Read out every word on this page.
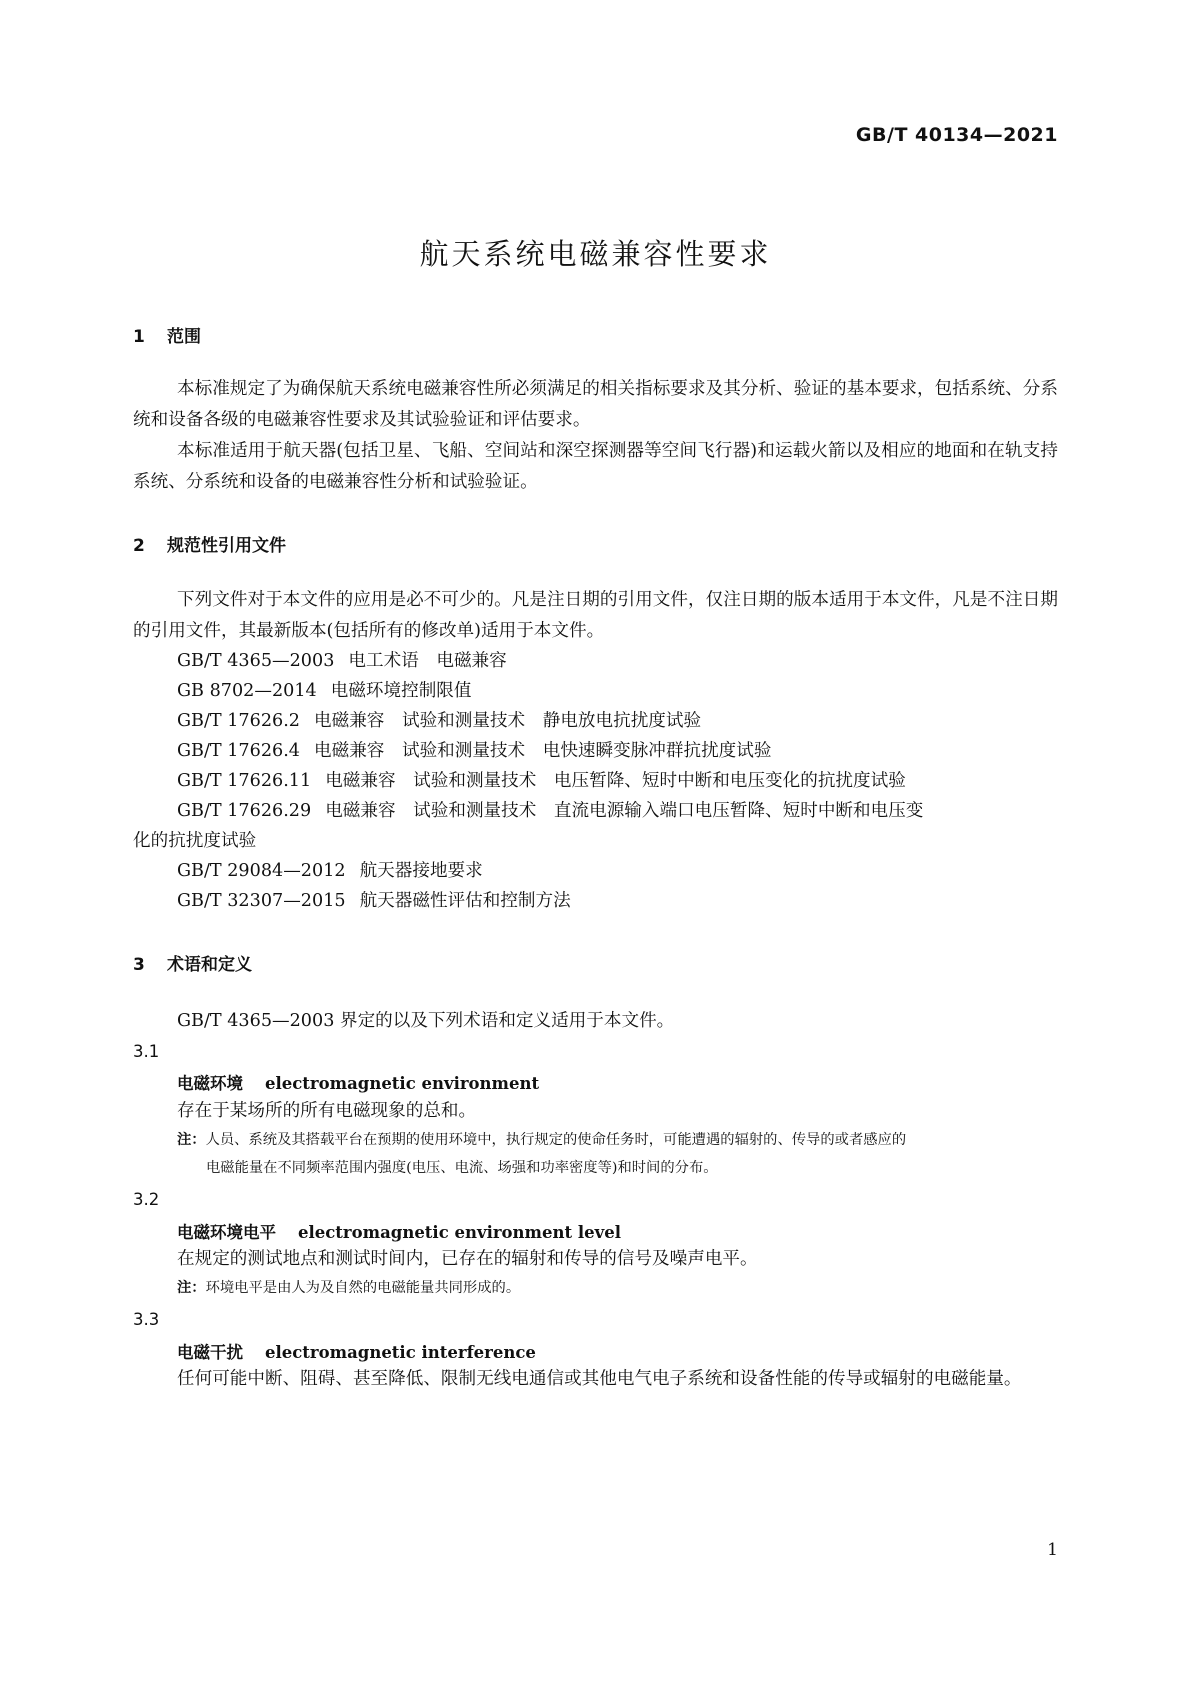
GB/T 40134—2021
航天系统电磁兼容性要求
1 范围

本标准规定了为确保航天系统电磁兼容性所必须满足的相关指标要求及其分析、验证的基本要求，包括系统、分系统和设备各级的电磁兼容性要求及其试验验证和评估要求。

本标准适用于航天器(包括卫星、飞船、空间站和深空探测器等空间飞行器)和运载火箭以及相应的地面和在轨支持系统、分系统和设备的电磁兼容性分析和试验验证。

2 规范性引用文件

下列文件对于本文件的应用是必不可少的。凡是注日期的引用文件，仅注日期的版本适用于本文件，凡是不注日期的引用文件，其最新版本(包括所有的修改单)适用于本文件。

GB/T 4365—2003 电工术语　电磁兼容
GB 8702—2014 电磁环境控制限值
GB/T 17626.2 电磁兼容　试验和测量技术　静电放电抗扰度试验
GB/T 17626.4 电磁兼容　试验和测量技术　电快速瞬变脉冲群抗扰度试验
GB/T 17626.11 电磁兼容　试验和测量技术　电压暂降、短时中断和电压变化的抗扰度试验
GB/T 17626.29 电磁兼容　试验和测量技术　直流电源输入端口电压暂降、短时中断和电压变
化的抗扰度试验
GB/T 29084—2012 航天器接地要求
GB/T 32307—2015 航天器磁性评估和控制方法
3 术语和定义
GB/T 4365—2003 界定的以及下列术语和定义适用于本文件。
3.1
电磁环境 electromagnetic environment
存在于某场所的所有电磁现象的总和。
注：人员、系统及其搭载平台在预期的使用环境中，执行规定的使命任务时，可能遭遇的辐射的、传导的或者感应的
电磁能量在不同频率范围内强度(电压、电流、场强和功率密度等)和时间的分布。
3.2
电磁环境电平 electromagnetic environment level
在规定的测试地点和测试时间内，已存在的辐射和传导的信号及噪声电平。
注：环境电平是由人为及自然的电磁能量共同形成的。
3.3
电磁干扰 electromagnetic interference

任何可能中断、阻碍、甚至降低、限制无线电通信或其他电气电子系统和设备性能的传导或辐射的电磁能量。

1
